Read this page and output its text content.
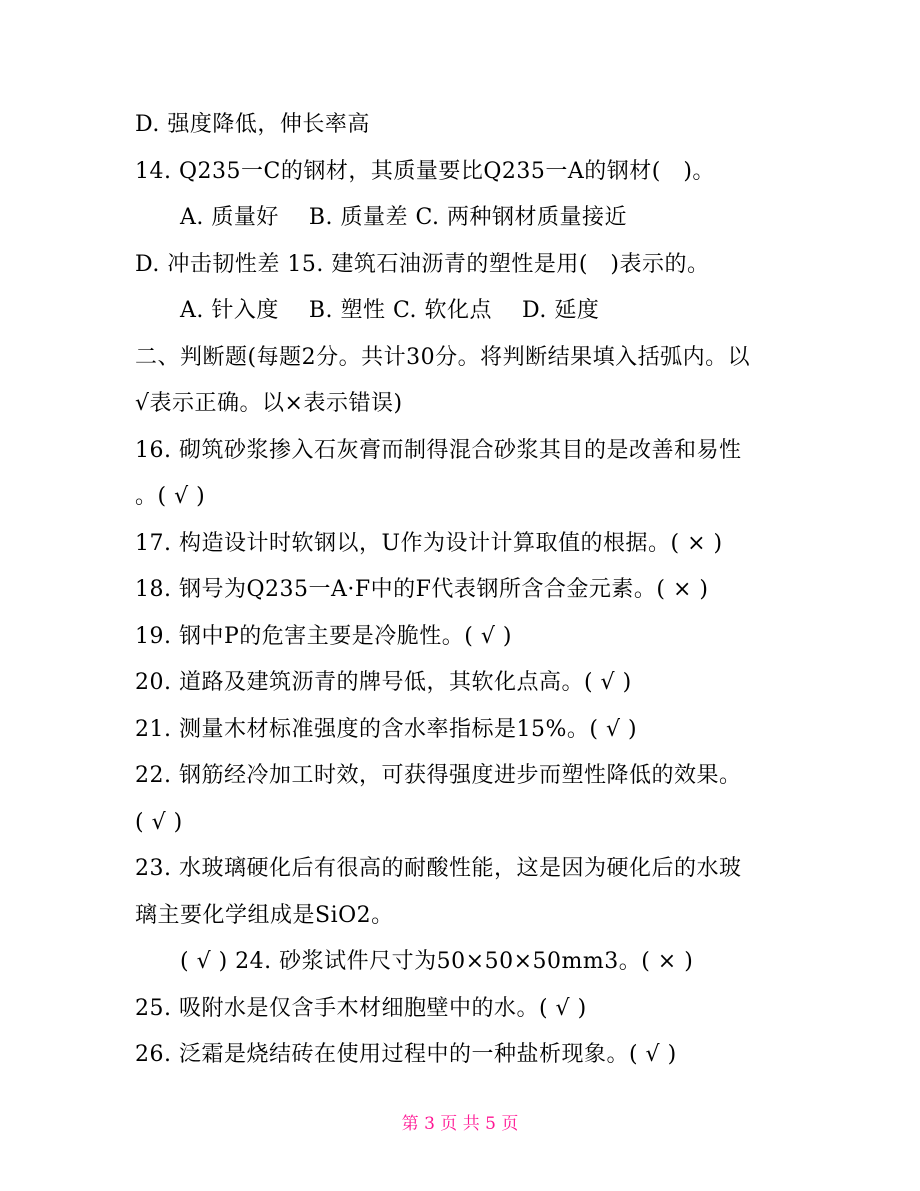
D. 强度降低，伸长率高
14. Q235一C的钢材，其质量要比Q235一A的钢材(   )。
A. 质量好    B. 质量差 C. 两种钢材质量接近
D. 冲击韧性差 15. 建筑石油沥青的塑性是用(   )表示的。
A. 针入度    B. 塑性 C. 软化点    D. 延度
二、判断题(每题2分。共计30分。将判断结果填入括弧内。以
√表示正确。以×表示错误)
16. 砌筑砂浆掺入石灰膏而制得混合砂浆其目的是改善和易性
。( √ )
17. 构造设计时软钢以，U作为设计计算取值的根据。( × )
18. 钢号为Q235一A·F中的F代表钢所含合金元素。( × )
19. 钢中P的危害主要是冷脆性。( √ )
20. 道路及建筑沥青的牌号低，其软化点高。( √ )
21. 测量木材标准强度的含水率指标是15%。( √ )
22. 钢筋经冷加工时效，可获得强度进步而塑性降低的效果。
( √ )
23. 水玻璃硬化后有很高的耐酸性能，这是因为硬化后的水玻
璃主要化学组成是SiO2。
( √ ) 24. 砂浆试件尺寸为50×50×50mm3。( × )
25. 吸附水是仅含手木材细胞壁中的水。( √ )
26. 泛霜是烧结砖在使用过程中的一种盐析现象。( √ )
第 3 页 共 5 页
